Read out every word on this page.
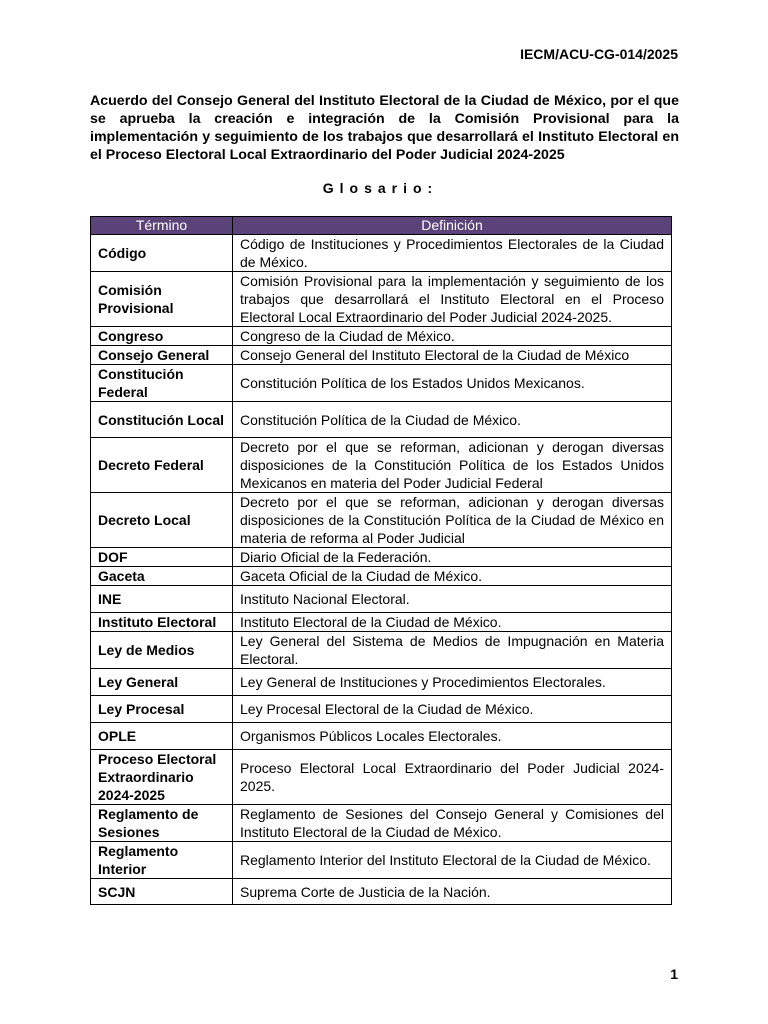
IECM/ACU-CG-014/2025
Acuerdo del Consejo General del Instituto Electoral de la Ciudad de México, por el que se aprueba la creación e integración de la Comisión Provisional para la implementación y seguimiento de los trabajos que desarrollará el Instituto Electoral en el Proceso Electoral Local Extraordinario del Poder Judicial 2024-2025
Glosario:
Término	Definición
Código	Código de Instituciones y Procedimientos Electorales de la Ciudad de México.
Comisión Provisional	Comisión Provisional para la implementación y seguimiento de los trabajos que desarrollará el Instituto Electoral en el Proceso Electoral Local Extraordinario del Poder Judicial 2024-2025.
Congreso	Congreso de la Ciudad de México.
Consejo General	Consejo General del Instituto Electoral de la Ciudad de México
Constitución Federal	Constitución Política de los Estados Unidos Mexicanos.
Constitución Local	Constitución Política de la Ciudad de México.
Decreto Federal	Decreto por el que se reforman, adicionan y derogan diversas disposiciones de la Constitución Política de los Estados Unidos Mexicanos en materia del Poder Judicial Federal
Decreto Local	Decreto por el que se reforman, adicionan y derogan diversas disposiciones de la Constitución Política de la Ciudad de México en materia de reforma al Poder Judicial
DOF	Diario Oficial de la Federación.
Gaceta	Gaceta Oficial de la Ciudad de México.
INE	Instituto Nacional Electoral.
Instituto Electoral	Instituto Electoral de la Ciudad de México.
Ley de Medios	Ley General del Sistema de Medios de Impugnación en Materia Electoral.
Ley General	Ley General de Instituciones y Procedimientos Electorales.
Ley Procesal	Ley Procesal Electoral de la Ciudad de México.
OPLE	Organismos Públicos Locales Electorales.
Proceso Electoral Extraordinario 2024-2025	Proceso Electoral Local Extraordinario del Poder Judicial 2024-2025.
Reglamento de Sesiones	Reglamento de Sesiones del Consejo General y Comisiones del Instituto Electoral de la Ciudad de México.
Reglamento Interior	Reglamento Interior del Instituto Electoral de la Ciudad de México.
SCJN	Suprema Corte de Justicia de la Nación.
1
